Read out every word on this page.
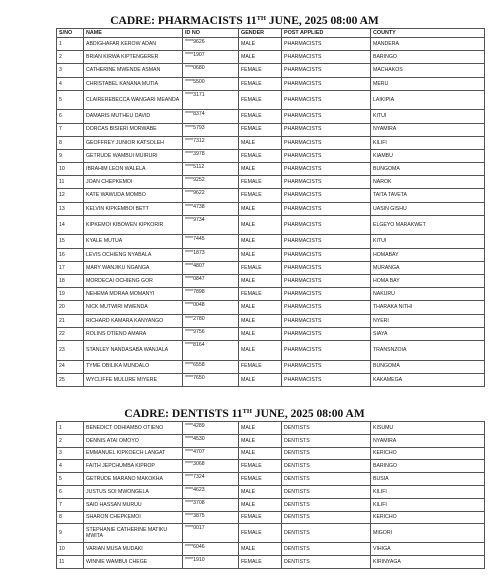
CADRE: PHARMACISTS 11TH JUNE, 2025 08:00 AM
S/NO	NAME	ID NO	GENDER	POST APPLIED	COUNTY
1	ABDIGHAFAR KEROW ADAN	****9626	MALE	PHARMACISTS	MANDERA
2	BRIAN KIRWA KIPTENGERER	****1907	MALE	PHARMACISTS	BARINGO
3	CATHERINE MWENDE ASMAN	****0680	FEMALE	PHARMACISTS	MACHAKOS
4	CHRISTABEL KANANA MUTIA	****5500	FEMALE	PHARMACISTS	MERU
5	CLAIREREBECCA WANGARI MEANDA	****3171	FEMALE	PHARMACISTS	LAIKIPIA
6	DAMARIS MUTHEU DAVID	****8374	FEMALE	PHARMACISTS	KITUI
7	DORCAS BISIERI MORWABE	****5793	FEMALE	PHARMACISTS	NYAMIRA
8	GEOFFREY JUNIOR KATSOLEH	****7312	MALE	PHARMACISTS	KILIFI
9	GETRUDE WAMBUI MUIRURI	****3978	FEMALE	PHARMACISTS	KIAMBU
10	IBRAHIM LEON WALELA	****5112	MALE	PHARMACISTS	BUNGOMA
11	JOAN CHEPKEMOI	****9252	FEMALE	PHARMACISTS	NAROK
12	KATE WAWUDA MOMBO	****9622	FEMALE	PHARMACISTS	TAITA TAVETA
13	KELVIN KIPKEMBOI BETT	****4738	MALE	PHARMACISTS	UASIN GISHU
14	KIPKEMOI KIBOWEN KIPKORIR	****9734	MALE	PHARMACISTS	ELGEYO MARAKWET
15	KYALE MUTUA	****7445	MALE	PHARMACISTS	KITUI
16	LEVIS OCHIENG NYABALA	****1873	MALE	PHARMACISTS	HOMABAY
17	MARY WANJIKU NGANGA	****4807	FEMALE	PHARMACISTS	MURANGA
18	MORDECAI OCHIENG GOR	****0847	MALE	PHARMACISTS	HOMA BAY
19	NEHEMA MORAA MOMANYI	****7898	FEMALE	PHARMACISTS	NAKURU
20	NICK MUTWIRI MWENDA	****0048	MALE	PHARMACISTS	THARAKA NITHI
21	RICHARD KAMARA KANYANGO	****2780	MALE	PHARMACISTS	NYERI
22	ROLINS OTIENO AMARA	****9756	MALE	PHARMACISTS	SIAYA
23	STANLEY NANDASABA WANJALA	****8164	MALE	PHARMACISTS	TRANSNZOIA
24	TYME OBILIKA MUNDALO	****6558	FEMALE	PHARMACISTS	BUNGOMA
25	WYCLIFFE MULURE MIYERE	****7650	MALE	PHARMACISTS	KAKAMEGA
CADRE: DENTISTS 11TH JUNE, 2025 08:00 AM
1	BENEDICT ODHIAMBO OTIENO	****4289	MALE	DENTISTS	KISUMU
2	DENNIS ATAI OMOYO	****4530	MALE	DENTISTS	NYAMIRA
3	EMMANUEL KIPKOECH LANGAT	****4707	MALE	DENTISTS	KERICHO
4	FAITH JEPCHUMBA KIPROP	****3068	FEMALE	DENTISTS	BARINGO
5	GETRUDE MARANO MAKOKHA	****7324	FEMALE	DENTISTS	BUSIA
6	JUSTUS SOI MWONGELA	****4623	MALE	DENTISTS	KILIFI
7	SAID HASSAN MURUU	****3708	MALE	DENTISTS	KILIFI
8	SHARON CHEPKEMOI	****3875	FEMALE	DENTISTS	KERICHO
9	STEPHANIE CATHERINE MATIKU MWITA	****0017	FEMALE	DENTISTS	MIGORI
10	VARIAN MUSA MUDAKI	****6046	MALE	DENTISTS	VIHIGA
11	WINNIE WAMBUI CHEGE	****1910	FEMALE	DENTISTS	KIRINYAGA
